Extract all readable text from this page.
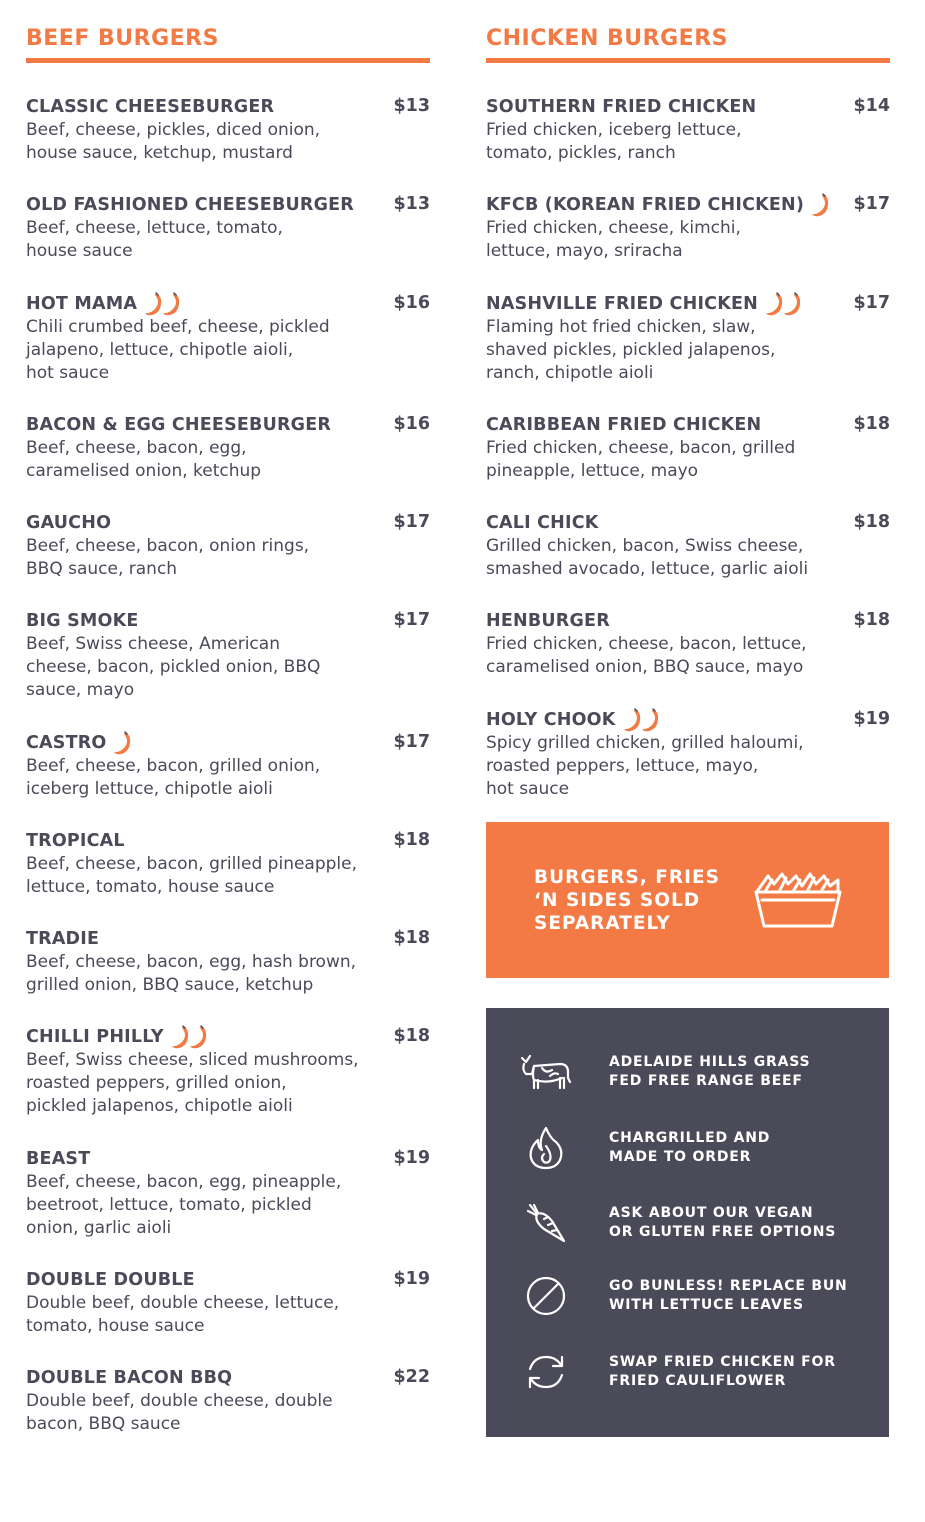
BEEF BURGERS
CLASSIC CHEESEBURGER	$13
Beef, cheese, pickles, diced onion,
house sauce, ketchup, mustard
OLD FASHIONED CHEESEBURGER $13
Beef, cheese, lettuce, tomato,
house sauce
HOT MAMA	$16
Chili crumbed beef, cheese, pickled
jalapeno, lettuce, chipotle aioli,
hot sauce
BACON & EGG CHEESEBURGER	$16
Beef, cheese, bacon, egg,
caramelised onion, ketchup
GAUCHO	$17
Beef, cheese, bacon, onion rings,
BBQ sauce, ranch
BIG SMOKE	$17
Beef, Swiss cheese, American
cheese, bacon, pickled onion, BBQ
sauce, mayo
CASTRO	$17
Beef, cheese, bacon, grilled onion,
iceberg lettuce, chipotle aioli
TROPICAL	$18
Beef, cheese, bacon, grilled pineapple,
lettuce, tomato, house sauce
TRADIE	$18
Beef, cheese, bacon, egg, hash brown,
grilled onion, BBQ sauce, ketchup
CHILLI PHILLY	$18
Beef, Swiss cheese, sliced mushrooms,
roasted peppers, grilled onion,
pickled jalapenos, chipotle aioli
BEAST	$19
Beef, cheese, bacon, egg, pineapple,
beetroot, lettuce, tomato, pickled
onion, garlic aioli
DOUBLE DOUBLE	$19
Double beef, double cheese, lettuce,
tomato, house sauce
DOUBLE BACON BBQ	$22
Double beef, double cheese, double
bacon, BBQ sauce
CHICKEN BURGERS
SOUTHERN FRIED CHICKEN	$14
Fried chicken, iceberg lettuce,
tomato, pickles, ranch
KFCB (KOREAN FRIED CHICKEN)	$17
Fried chicken, cheese, kimchi,
lettuce, mayo, sriracha
NASHVILLE FRIED CHICKEN	$17
Flaming hot fried chicken, slaw,
shaved pickles, pickled jalapenos,
ranch, chipotle aioli
CARIBBEAN FRIED CHICKEN	$18
Fried chicken, cheese, bacon, grilled
pineapple, lettuce, mayo
CALI CHICK	$18
Grilled chicken, bacon, Swiss cheese,
smashed avocado, lettuce, garlic aioli
HENBURGER	$18
Fried chicken, cheese, bacon, lettuce,
caramelised onion, BBQ sauce, mayo
HOLY CHOOK	$19
Spicy grilled chicken, grilled haloumi,
roasted peppers, lettuce, mayo,
hot sauce
BURGERS, FRIES
‘N SIDES SOLD
SEPARATELY
ADELAIDE HILLS GRASS
FED FREE RANGE BEEF
CHARGRILLED AND
MADE TO ORDER
ASK ABOUT OUR VEGAN
OR GLUTEN FREE OPTIONS
GO BUNLESS! REPLACE BUN
WITH LETTUCE LEAVES
SWAP FRIED CHICKEN FOR
FRIED CAULIFLOWER
